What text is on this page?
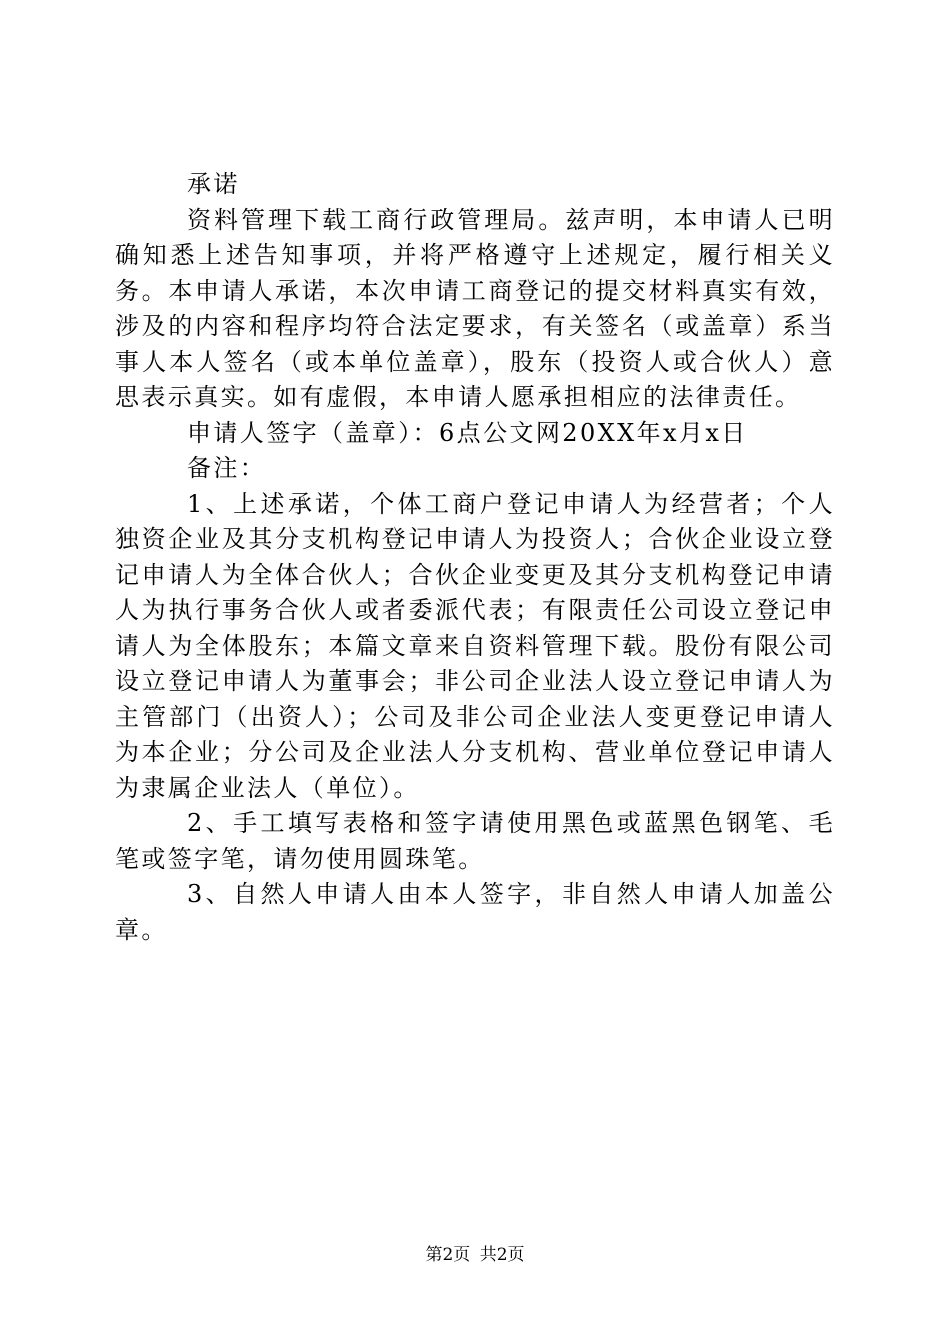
承诺

资料管理下载工商行政管理局。兹声明，本申请人已明确知悉上述告知事项，并将严格遵守上述规定，履行相关义务。本申请人承诺，本次申请工商登记的提交材料真实有效，涉及的内容和程序均符合法定要求，有关签名（或盖章）系当事人本人签名（或本单位盖章），股东（投资人或合伙人）意思表示真实。如有虚假，本申请人愿承担相应的法律责任。

申请人签字（盖章）：6点公文网20XX年x月x日

备注：

1、上述承诺，个体工商户登记申请人为经营者；个人独资企业及其分支机构登记申请人为投资人；合伙企业设立登记申请人为全体合伙人；合伙企业变更及其分支机构登记申请人为执行事务合伙人或者委派代表；有限责任公司设立登记申请人为全体股东；本篇文章来自资料管理下载。股份有限公司设立登记申请人为董事会；非公司企业法人设立登记申请人为主管部门（出资人）；公司及非公司企业法人变更登记申请人为本企业；分公司及企业法人分支机构、营业单位登记申请人为隶属企业法人（单位）。

2、手工填写表格和签字请使用黑色或蓝黑色钢笔、毛笔或签字笔，请勿使用圆珠笔。

3、自然人申请人由本人签字，非自然人申请人加盖公章。

第2页 共2页
